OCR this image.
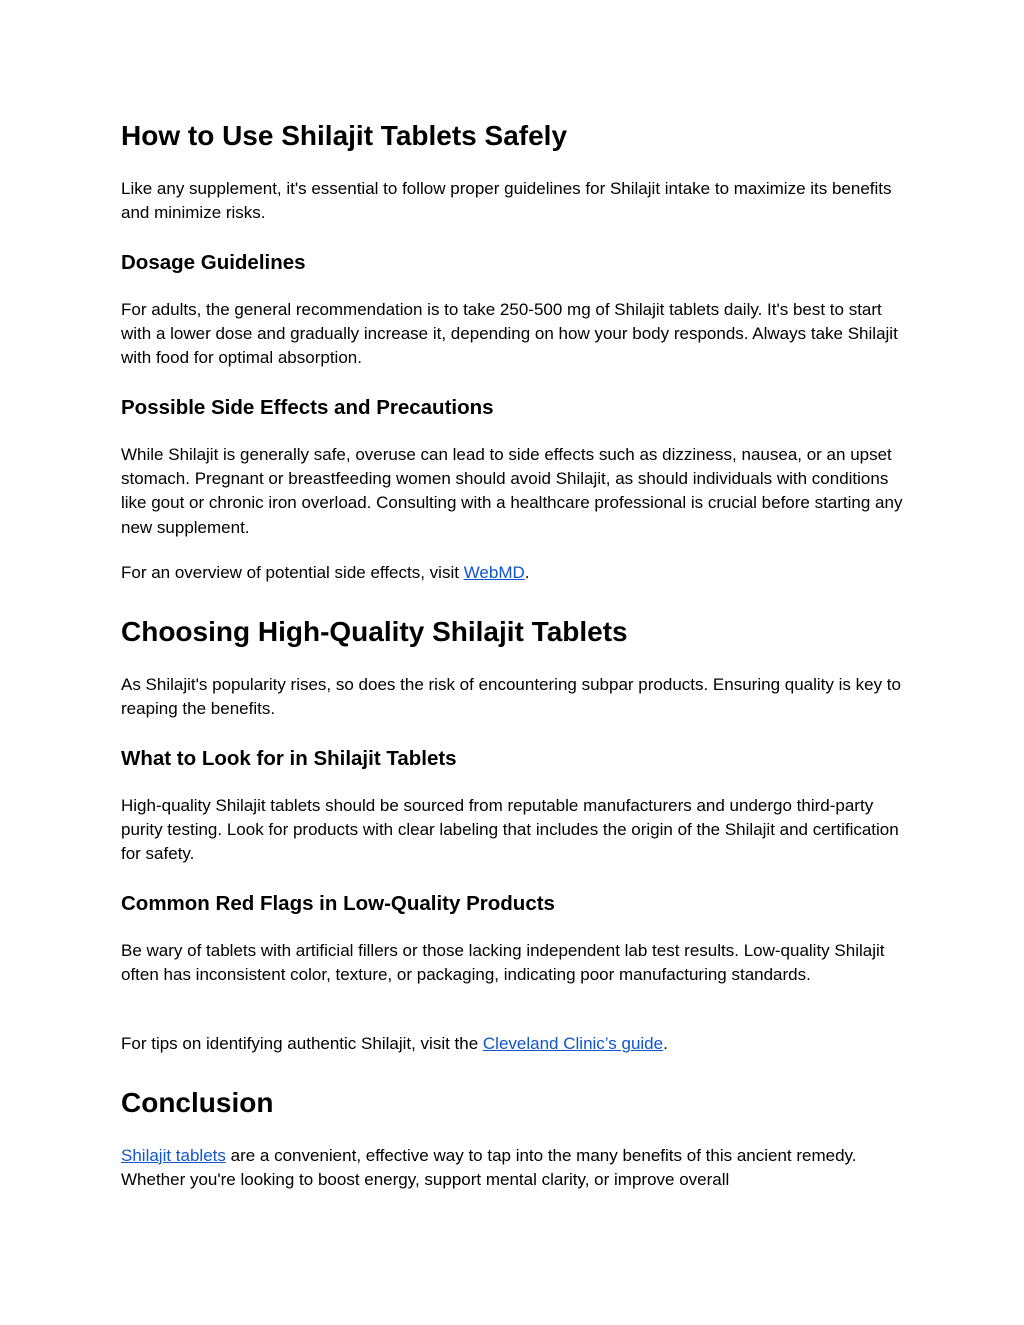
How to Use Shilajit Tablets Safely

Like any supplement, it's essential to follow proper guidelines for Shilajit intake to maximize its benefits and minimize risks.

Dosage Guidelines

For adults, the general recommendation is to take 250-500 mg of Shilajit tablets daily. It's best to start with a lower dose and gradually increase it, depending on how your body responds. Always take Shilajit with food for optimal absorption.

Possible Side Effects and Precautions

While Shilajit is generally safe, overuse can lead to side effects such as dizziness, nausea, or an upset stomach. Pregnant or breastfeeding women should avoid Shilajit, as should individuals with conditions like gout or chronic iron overload. Consulting with a healthcare professional is crucial before starting any new supplement.

For an overview of potential side effects, visit WebMD.

Choosing High-Quality Shilajit Tablets

As Shilajit's popularity rises, so does the risk of encountering subpar products. Ensuring quality is key to reaping the benefits.

What to Look for in Shilajit Tablets

High-quality Shilajit tablets should be sourced from reputable manufacturers and undergo third-party purity testing. Look for products with clear labeling that includes the origin of the Shilajit and certification for safety.

Common Red Flags in Low-Quality Products

Be wary of tablets with artificial fillers or those lacking independent lab test results. Low-quality Shilajit often has inconsistent color, texture, or packaging, indicating poor manufacturing standards.

For tips on identifying authentic Shilajit, visit the Cleveland Clinic’s guide.

Conclusion

Shilajit tablets are a convenient, effective way to tap into the many benefits of this ancient remedy. Whether you're looking to boost energy, support mental clarity, or improve overall
